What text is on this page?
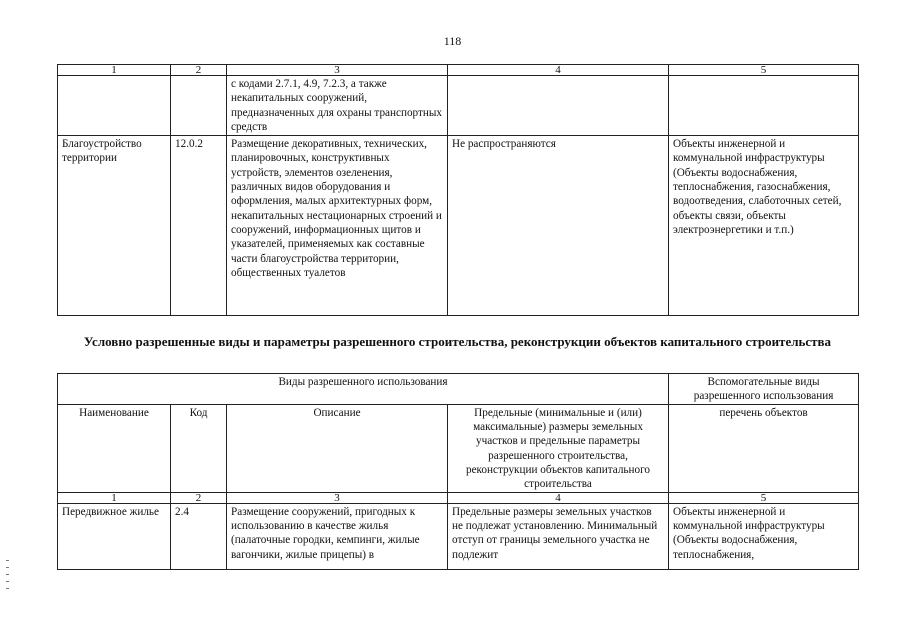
118
1	2	3	4	5
		с кодами 2.7.1, 4.9, 7.2.3, а также некапитальных сооружений, предназначенных для охраны транспортных средств		
Благоустройство территории	12.0.2	Размещение декоративных, технических, планировочных, конструктивных устройств, элементов озеленения, различных видов оборудования и оформления, малых архитектурных форм, некапитальных нестационарных строений и сооружений, информационных щитов и указателей, применяемых как составные части благоустройства территории, общественных туалетов	Не распространяются	Объекты инженерной и коммунальной инфраструктуры (Объекты водоснабжения, теплоснабжения, газоснабжения, водоотведения, слаботочных сетей, объекты связи, объекты электроэнергетики и т.п.)
Условно разрешенные виды и параметры разрешенного строительства, реконструкции объектов капитального строительства
Виды разрешенного использования				Вспомогательные виды разрешенного использования
Наименование	Код	Описание	Предельные (минимальные и (или) максимальные) размеры земельных участков и предельные параметры разрешенного строительства, реконструкции объектов капитального строительства	перечень объектов
1	2	3	4	5
Передвижное жилье	2.4	Размещение сооружений, пригодных к использованию в качестве жилья (палаточные городки, кемпинги, жилые вагончики, жилые прицепы) в	Предельные размеры земельных участков не подлежат установлению. Минимальный отступ от границы земельного участка не подлежит	Объекты инженерной и коммунальной инфраструктуры (Объекты водоснабжения, теплоснабжения,
